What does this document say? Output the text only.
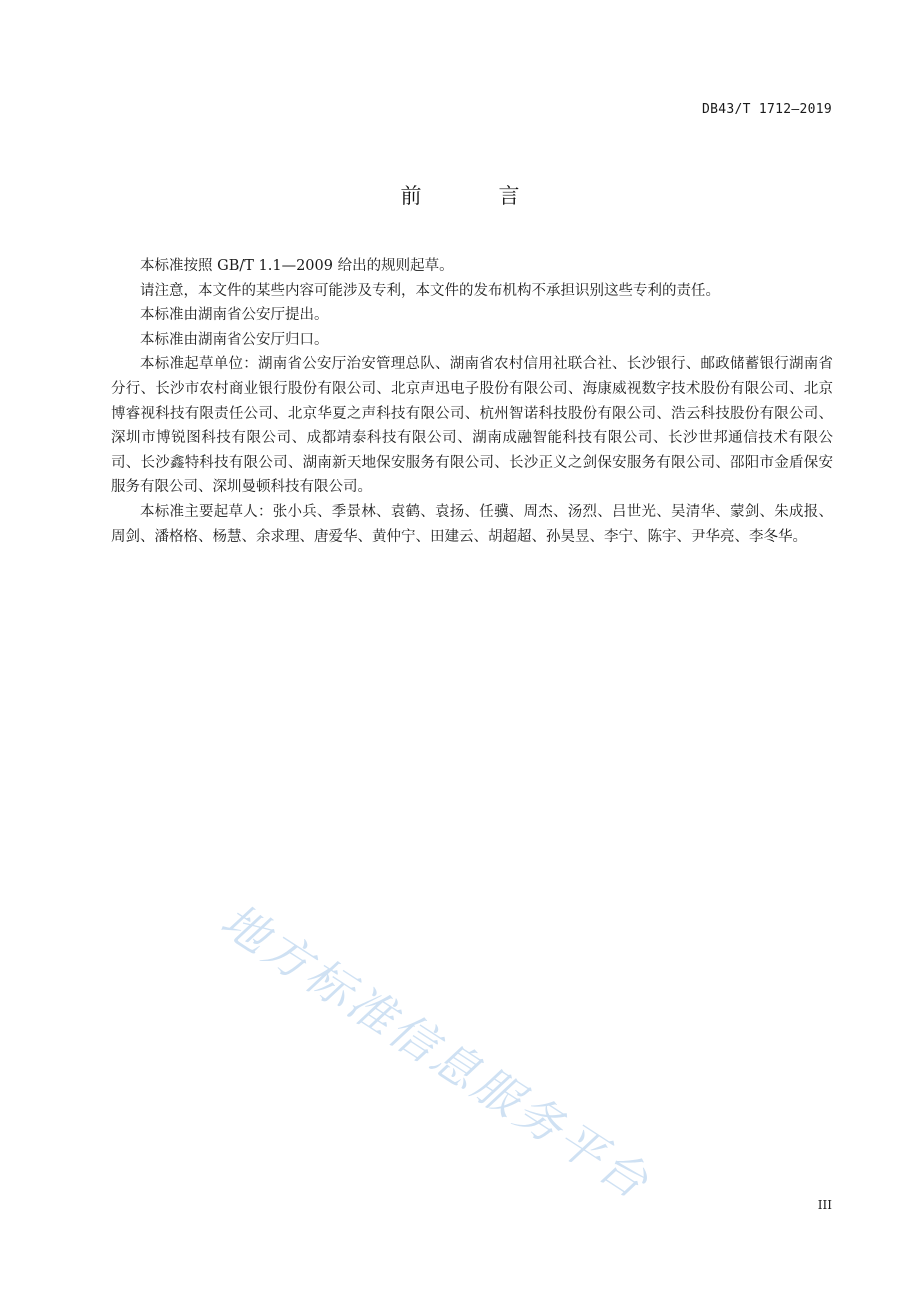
DB43/T 1712—2019
前　言

本标准按照 GB/T 1.1—2009 给出的规则起草。

请注意，本文件的某些内容可能涉及专利，本文件的发布机构不承担识别这些专利的责任。

本标准由湖南省公安厅提出。

本标准由湖南省公安厅归口。

本标准起草单位：湖南省公安厅治安管理总队、湖南省农村信用社联合社、长沙银行、邮政储蓄银行湖南省分行、长沙市农村商业银行股份有限公司、北京声迅电子股份有限公司、海康威视数字技术股份有限公司、北京博睿视科技有限责任公司、北京华夏之声科技有限公司、杭州智诺科技股份有限公司、浩云科技股份有限公司、深圳市博锐图科技有限公司、成都靖泰科技有限公司、湖南成融智能科技有限公司、长沙世邦通信技术有限公司、长沙鑫特科技有限公司、湖南新天地保安服务有限公司、长沙正义之剑保安服务有限公司、邵阳市金盾保安服务有限公司、深圳曼顿科技有限公司。

本标准主要起草人：张小兵、季景林、袁鹤、袁扬、任骥、周杰、汤烈、吕世光、吴清华、蒙剑、朱成报、周剑、潘格格、杨慧、余求理、唐爱华、黄仲宁、田建云、胡超超、孙昊昱、李宁、陈宇、尹华亮、李冬华。

地方标准信息服务平台	III
